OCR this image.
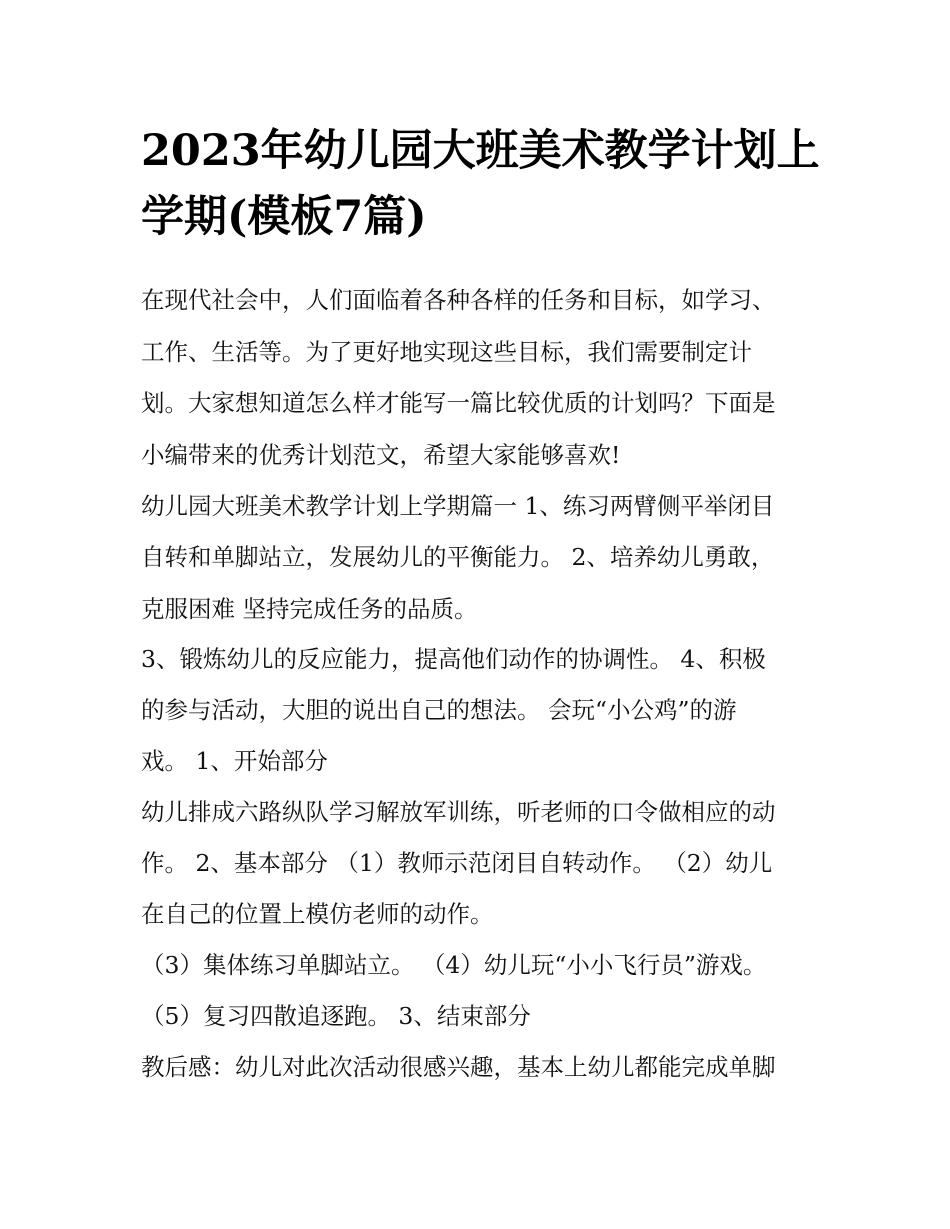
2023年幼儿园大班美术教学计划上学期(模板7篇)
在现代社会中，人们面临着各种各样的任务和目标，如学习、
工作、生活等。为了更好地实现这些目标，我们需要制定计
划。大家想知道怎么样才能写一篇比较优质的计划吗？下面是
小编带来的优秀计划范文，希望大家能够喜欢!
幼儿园大班美术教学计划上学期篇一 1、练习两臂侧平举闭目
自转和单脚站立，发展幼儿的平衡能力。 2、培养幼儿勇敢，
克服困难 坚持完成任务的品质。
3、锻炼幼儿的反应能力，提高他们动作的协调性。 4、积极
的参与活动，大胆的说出自己的想法。 会玩“小公鸡”的游
戏。 1、开始部分
幼儿排成六路纵队学习解放军训练，听老师的口令做相应的动
作。 2、基本部分 （1）教师示范闭目自转动作。 （2）幼儿
在自己的位置上模仿老师的动作。
（3）集体练习单脚站立。 （4）幼儿玩“小小飞行员”游戏。
（5）复习四散追逐跑。 3、结束部分
教后感：幼儿对此次活动很感兴趣，基本上幼儿都能完成单脚
